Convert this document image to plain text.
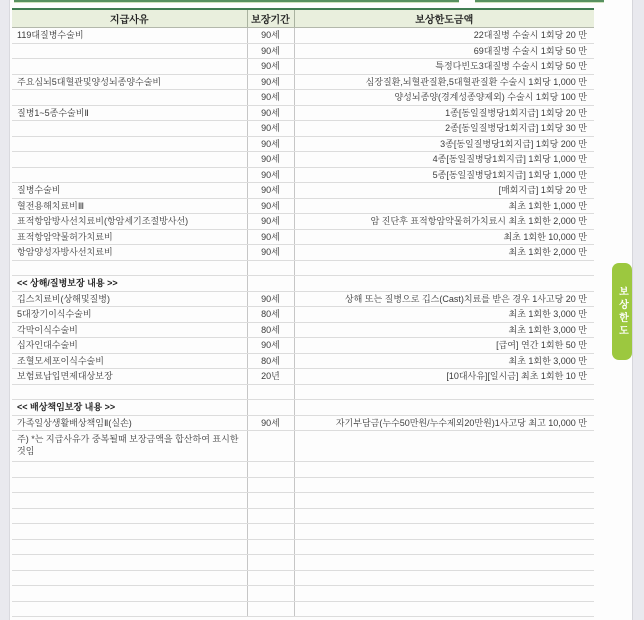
지급사유	보장기간	보상한도금액
119대질병수술비	90세	22대질병 수술시 1회당 20 만
	90세	69대질병 수술시 1회당 50 만
	90세	특정다빈도3대질병 수술시 1회당 50 만
주요심뇌5대혈관및양성뇌종양수술비	90세	심장질환,뇌혈관질환,5대혈관질환 수술시 1회당 1,000 만
	90세	양성뇌종양(경계성종양제외) 수술시 1회당 100 만
질병1~5종수술비Ⅱ	90세	1종[동일질병당1회지급] 1회당 20 만
	90세	2종[동일질병당1회지급] 1회당 30 만
	90세	3종[동일질병당1회지급] 1회당 200 만
	90세	4종[동일질병당1회지급] 1회당 1,000 만
	90세	5종[동일질병당1회지급] 1회당 1,000 만
질병수술비	90세	[매회지급] 1회당 20 만
혈전용해치료비Ⅲ	90세	최초 1회한 1,000 만
표적항암방사선치료비(항암세기조절방사선)	90세	암 진단후 표적항암약물허가치료시 최초 1회한 2,000 만
표적항암약물허가치료비	90세	최초 1회한 10,000 만
항암양성자방사선치료비	90세	최초 1회한 2,000 만

<< 상해/질병보장 내용 >>		
깁스치료비(상해및질병)	90세	상해 또는 질병으로 깁스(Cast)치료를 받은 경우 1사고당 20 만
5대장기이식수술비	80세	최초 1회한 3,000 만
각막이식수술비	80세	최초 1회한 3,000 만
십자인대수술비	90세	[급여] 연간 1회한 50 만
조혈모세포이식수술비	80세	최초 1회한 3,000 만
보험료납입면제대상보장	20년	[10대사유][일시금] 최초 1회한 10 만

<< 배상책임보장 내용 >>		
가족일상생활배상책임Ⅱ(실손)	90세	자기부담금(누수50만원/누수제외20만원)1사고당 최고 10,000 만
주) *는 지급사유가 중복될때 보장금액을 합산하여 표시한 것임		

보상한도
